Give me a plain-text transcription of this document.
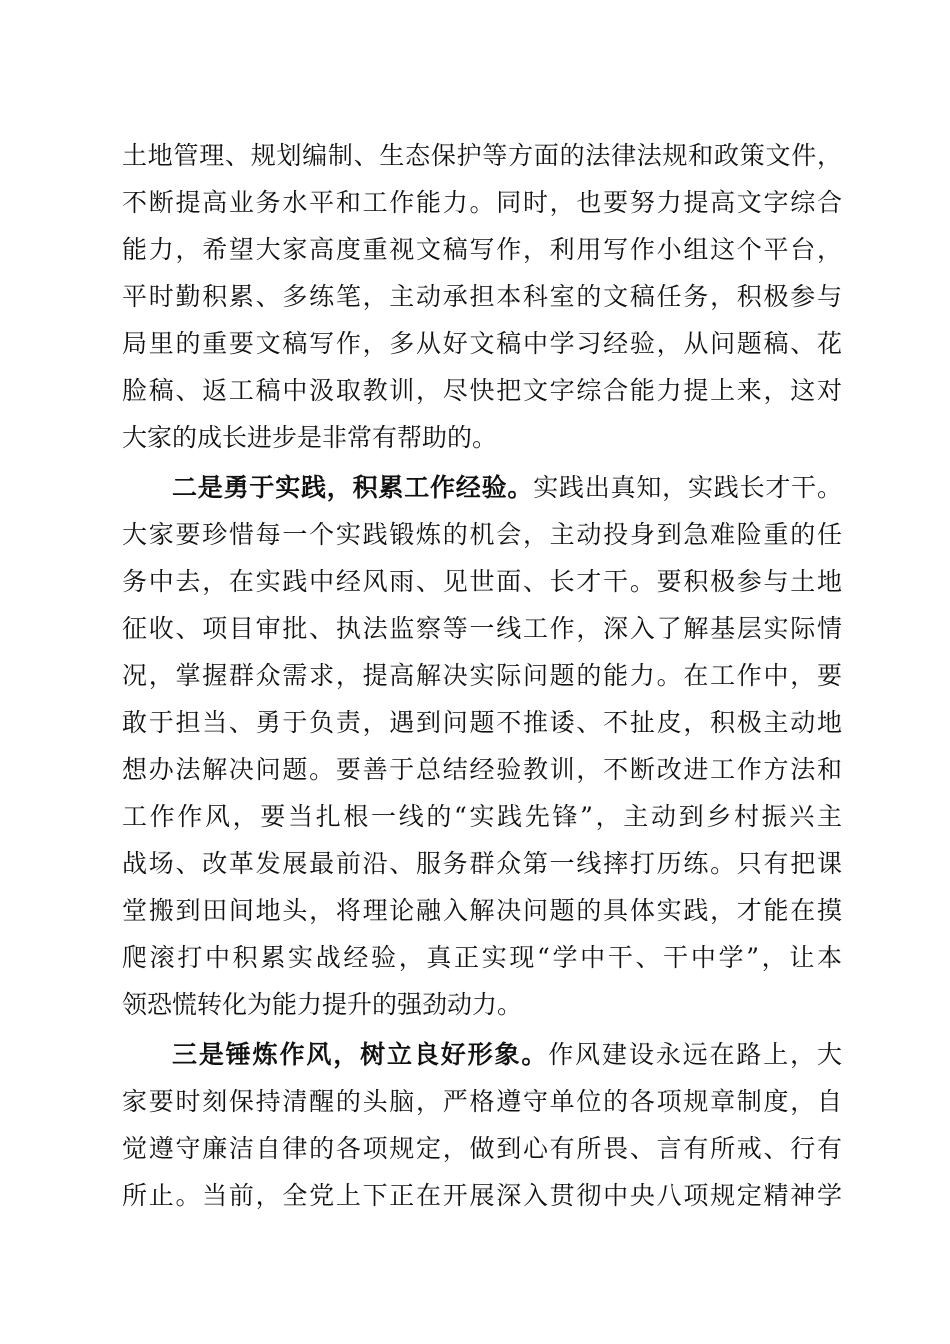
土地管理、规划编制、生态保护等方面的法律法规和政策文件，
不断提高业务水平和工作能力。同时，也要努力提高文字综合
能力，希望大家高度重视文稿写作，利用写作小组这个平台，
平时勤积累、多练笔，主动承担本科室的文稿任务，积极参与
局里的重要文稿写作，多从好文稿中学习经验，从问题稿、花
脸稿、返工稿中汲取教训，尽快把文字综合能力提上来，这对
大家的成长进步是非常有帮助的。
二是勇于实践，积累工作经验。实践出真知，实践长才干。
大家要珍惜每一个实践锻炼的机会，主动投身到急难险重的任
务中去，在实践中经风雨、见世面、长才干。要积极参与土地
征收、项目审批、执法监察等一线工作，深入了解基层实际情
况，掌握群众需求，提高解决实际问题的能力。在工作中，要
敢于担当、勇于负责，遇到问题不推诿、不扯皮，积极主动地
想办法解决问题。要善于总结经验教训，不断改进工作方法和
工作作风，要当扎根一线的“实践先锋”，主动到乡村振兴主
战场、改革发展最前沿、服务群众第一线摔打历练。只有把课
堂搬到田间地头，将理论融入解决问题的具体实践，才能在摸
爬滚打中积累实战经验，真正实现“学中干、干中学”，让本
领恐慌转化为能力提升的强劲动力。
三是锤炼作风，树立良好形象。作风建设永远在路上，大
家要时刻保持清醒的头脑，严格遵守单位的各项规章制度，自
觉遵守廉洁自律的各项规定，做到心有所畏、言有所戒、行有
所止。当前，全党上下正在开展深入贯彻中央八项规定精神学
